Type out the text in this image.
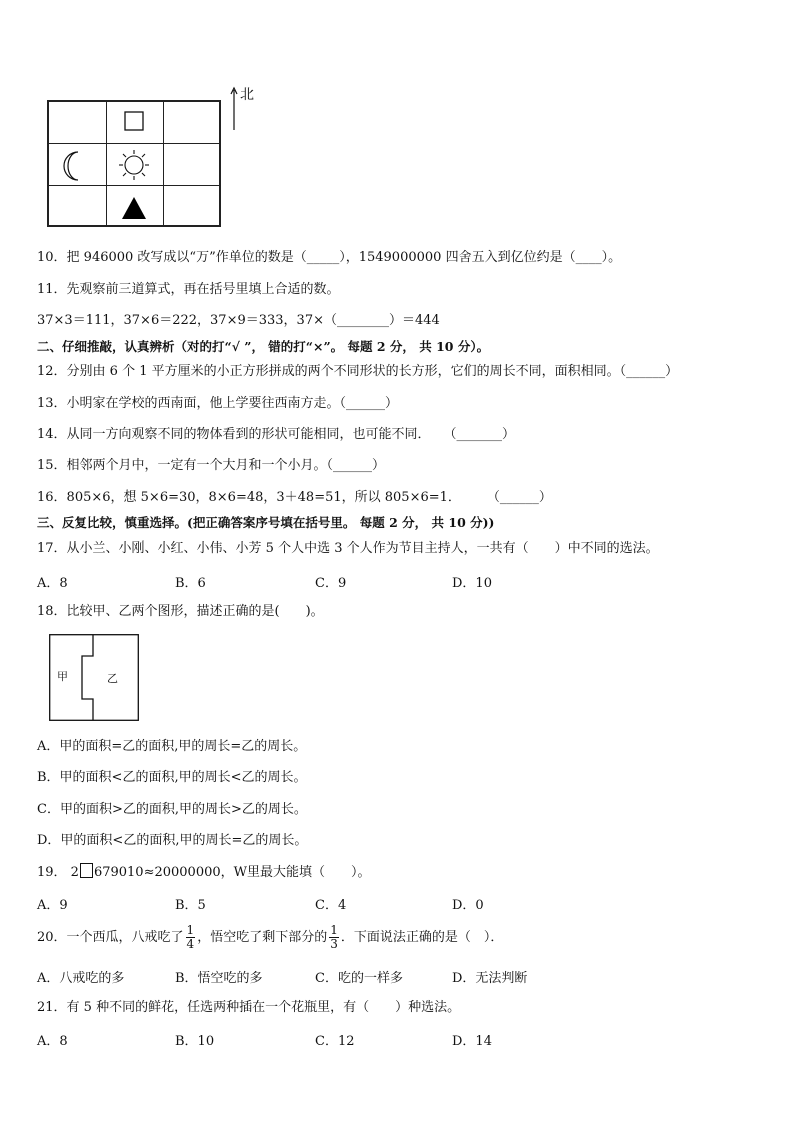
北
10．把 946000 改写成以“万”作单位的数是（_____），1549000000 四舍五入到亿位约是（____）。
11．先观察前三道算式，再在括号里填上合适的数。
37×3＝111，37×6＝222，37×9＝333，37×（________）＝444
二、仔细推敲，认真辨析（对的打“√ ”， 错的打“×”。 每题 2 分， 共 10 分）。
12．分别由 6 个 1 平方厘米的小正方形拼成的两个不同形状的长方形，它们的周长不同，面积相同。（______）
13．小明家在学校的西南面，他上学要往西南方走。（______）
14．从同一方向观察不同的物体看到的形状可能相同，也可能不同．　　（_______）
15．相邻两个月中，一定有一个大月和一个小月。（______）
16．805×6，想 5×6=30，8×6=48，3＋48=51，所以 805×6=1．　　　（______）
三、反复比较，慎重选择。(把正确答案序号填在括号里。 每题 2 分， 共 10 分))
17．从小兰、小刚、小红、小伟、小芳 5 个人中选 3 个人作为节目主持人，一共有（　　）中不同的选法。
A．8	B．6	C．9	D．10
18．比较甲、乙两个图形，描述正确的是(　　)。
甲	乙
A．甲的面积=乙的面积,甲的周长=乙的周长。
B．甲的面积<乙的面积,甲的周长<乙的周长。
C．甲的面积>乙的面积,甲的周长>乙的周长。
D．甲的面积<乙的面积,甲的周长=乙的周长。
19． 2 679010≈20000000，W里最大能填（　　）。
A．9	B．5	C．4	D．0
20．一个西瓜，八戒吃了 $\frac{1}{4}$ ，悟空吃了剩下部分的 $\frac{1}{3}$ ．下面说法正确的是（　）．
A．八戒吃的多	B．悟空吃的多	C．吃的一样多	D．无法判断
21．有 5 种不同的鲜花，任选两种插在一个花瓶里，有（　　）种选法。
A．8	B．10	C．12	D．14
